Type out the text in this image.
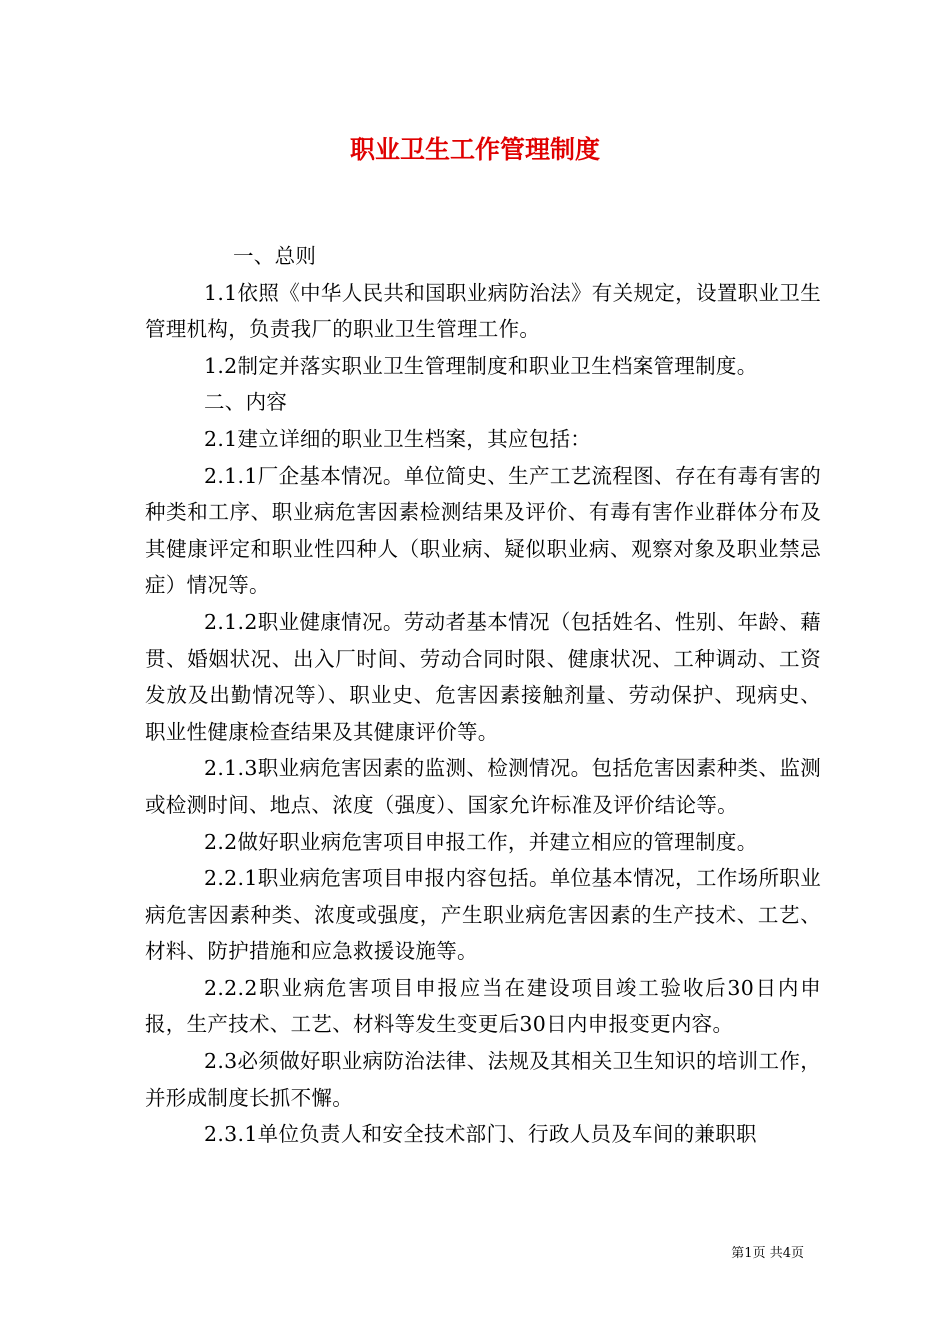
职业卫生工作管理制度

一、总则

1.1依照《中华人民共和国职业病防治法》有关规定，设置职业卫生管理机构，负责我厂的职业卫生管理工作。

1.2制定并落实职业卫生管理制度和职业卫生档案管理制度。

二、内容

2.1建立详细的职业卫生档案，其应包括：

2.1.1厂企基本情况。单位简史、生产工艺流程图、存在有毒有害的种类和工序、职业病危害因素检测结果及评价、有毒有害作业群体分布及其健康评定和职业性四种人（职业病、疑似职业病、观察对象及职业禁忌症）情况等。

2.1.2职业健康情况。劳动者基本情况（包括姓名、性别、年龄、藉贯、婚姻状况、出入厂时间、劳动合同时限、健康状况、工种调动、工资发放及出勤情况等）、职业史、危害因素接触剂量、劳动保护、现病史、职业性健康检查结果及其健康评价等。

2.1.3职业病危害因素的监测、检测情况。包括危害因素种类、监测或检测时间、地点、浓度（强度）、国家允许标准及评价结论等。

2.2做好职业病危害项目申报工作，并建立相应的管理制度。

2.2.1职业病危害项目申报内容包括。单位基本情况，工作场所职业病危害因素种类、浓度或强度，产生职业病危害因素的生产技术、工艺、材料、防护措施和应急救援设施等。

2.2.2职业病危害项目申报应当在建设项目竣工验收后30日内申报，生产技术、工艺、材料等发生变更后30日内申报变更内容。

2.3必须做好职业病防治法律、法规及其相关卫生知识的培训工作，并形成制度长抓不懈。

2.3.1单位负责人和安全技术部门、行政人员及车间的兼职职

第1页 共4页
